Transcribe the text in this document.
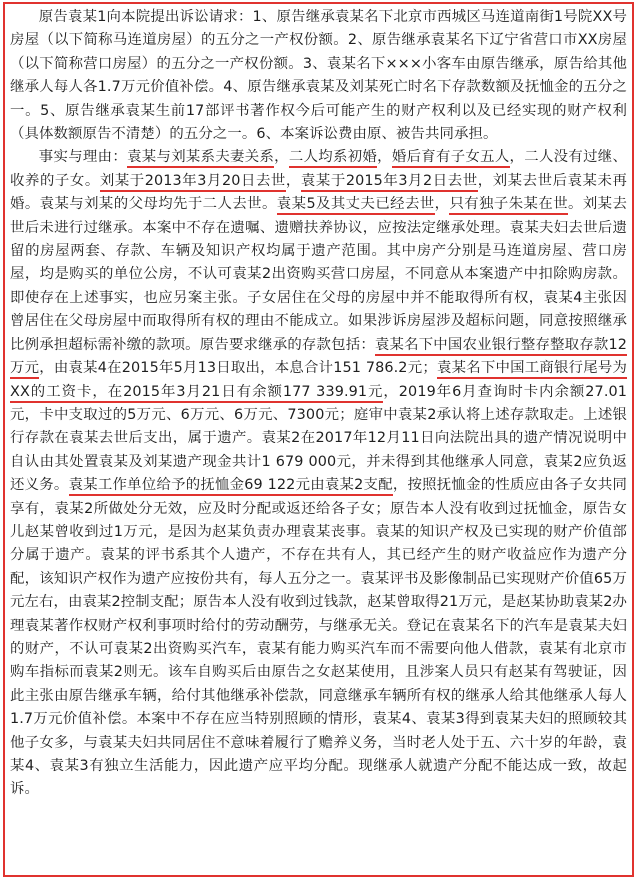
原告袁某1向本院提出诉讼请求：1、原告继承袁某名下北京市西城区马连道南街1号院XX号房屋（以下简称马连道房屋）的五分之一产权份额。2、原告继承袁某名下辽宁省营口市XX房屋（以下简称营口房屋）的五分之一产权份额。3、袁某名下×××小客车由原告继承，原告给其他继承人每人各1.7万元价值补偿。4、原告继承袁某及刘某死亡时名下存款数额及抚恤金的五分之一。5、原告继承袁某生前17部评书著作权今后可能产生的财产权利以及已经实现的财产权利（具体数额原告不清楚）的五分之一。6、本案诉讼费由原、被告共同承担。

事实与理由：袁某与刘某系夫妻关系，二人均系初婚，婚后育有子女五人，二人没有过继、收养的子女。刘某于2013年3月20日去世，袁某于2015年3月2日去世，刘某去世后袁某未再婚。袁某与刘某的父母均先于二人去世。袁某5及其丈夫已经去世，只有独子朱某在世。刘某去世后未进行过继承。本案中不存在遗嘱、遗赠扶养协议，应按法定继承处理。袁某夫妇去世后遗留的房屋两套、存款、车辆及知识产权均属于遗产范围。其中房产分别是马连道房屋、营口房屋，均是购买的单位公房，不认可袁某2出资购买营口房屋，不同意从本案遗产中扣除购房款。即使存在上述事实，也应另案主张。子女居住在父母的房屋中并不能取得所有权，袁某4主张因曾居住在父母房屋中而取得所有权的理由不能成立。如果涉诉房屋涉及超标问题，同意按照继承比例承担超标需补缴的款项。原告要求继承的存款包括：袁某名下中国农业银行整存整取存款12万元，由袁某4在2015年5月13日取出，本息合计151 786.2元；袁某名下中国工商银行尾号为XX的工资卡，在2015年3月21日有余额177 339.91元，2019年6月查询时卡内余额27.01元，卡中支取过的5万元、6万元、6万元、7300元；庭审中袁某2承认将上述存款取走。上述银行存款在袁某去世后支出，属于遗产。袁某2在2017年12月11日向法院出具的遗产情况说明中自认由其处置袁某及刘某遗产现金共计1 679 000元，并未得到其他继承人同意，袁某2应负返还义务。袁某工作单位给予的抚恤金69 122元由袁某2支配，按照抚恤金的性质应由各子女共同享有，袁某2所做处分无效，应及时分配或返还给各子女；原告本人没有收到过抚恤金，原告女儿赵某曾收到过1万元，是因为赵某负责办理袁某丧事。袁某的知识产权及已实现的财产价值部分属于遗产。袁某的评书系其个人遗产，不存在共有人，其已经产生的财产收益应作为遗产分配，该知识产权作为遗产应按份共有，每人五分之一。袁某评书及影像制品已实现财产价值65万元左右，由袁某2控制支配；原告本人没有收到过钱款，赵某曾取得21万元，是赵某协助袁某2办理袁某著作权财产权利事项时给付的劳动酬劳，与继承无关。登记在袁某名下的汽车是袁某夫妇的财产，不认可袁某2出资购买汽车，袁某有能力购买汽车而不需要向他人借款，袁某有北京市购车指标而袁某2则无。该车自购买后由原告之女赵某使用，且涉案人员只有赵某有驾驶证，因此主张由原告继承车辆，给付其他继承补偿款，同意继承车辆所有权的继承人给其他继承人每人1.7万元价值补偿。本案中不存在应当特别照顾的情形，袁某4、袁某3得到袁某夫妇的照顾较其他子女多，与袁某夫妇共同居住不意味着履行了赡养义务，当时老人处于五、六十岁的年龄，袁某4、袁某3有独立生活能力，因此遗产应平均分配。现继承人就遗产分配不能达成一致，故起诉。
